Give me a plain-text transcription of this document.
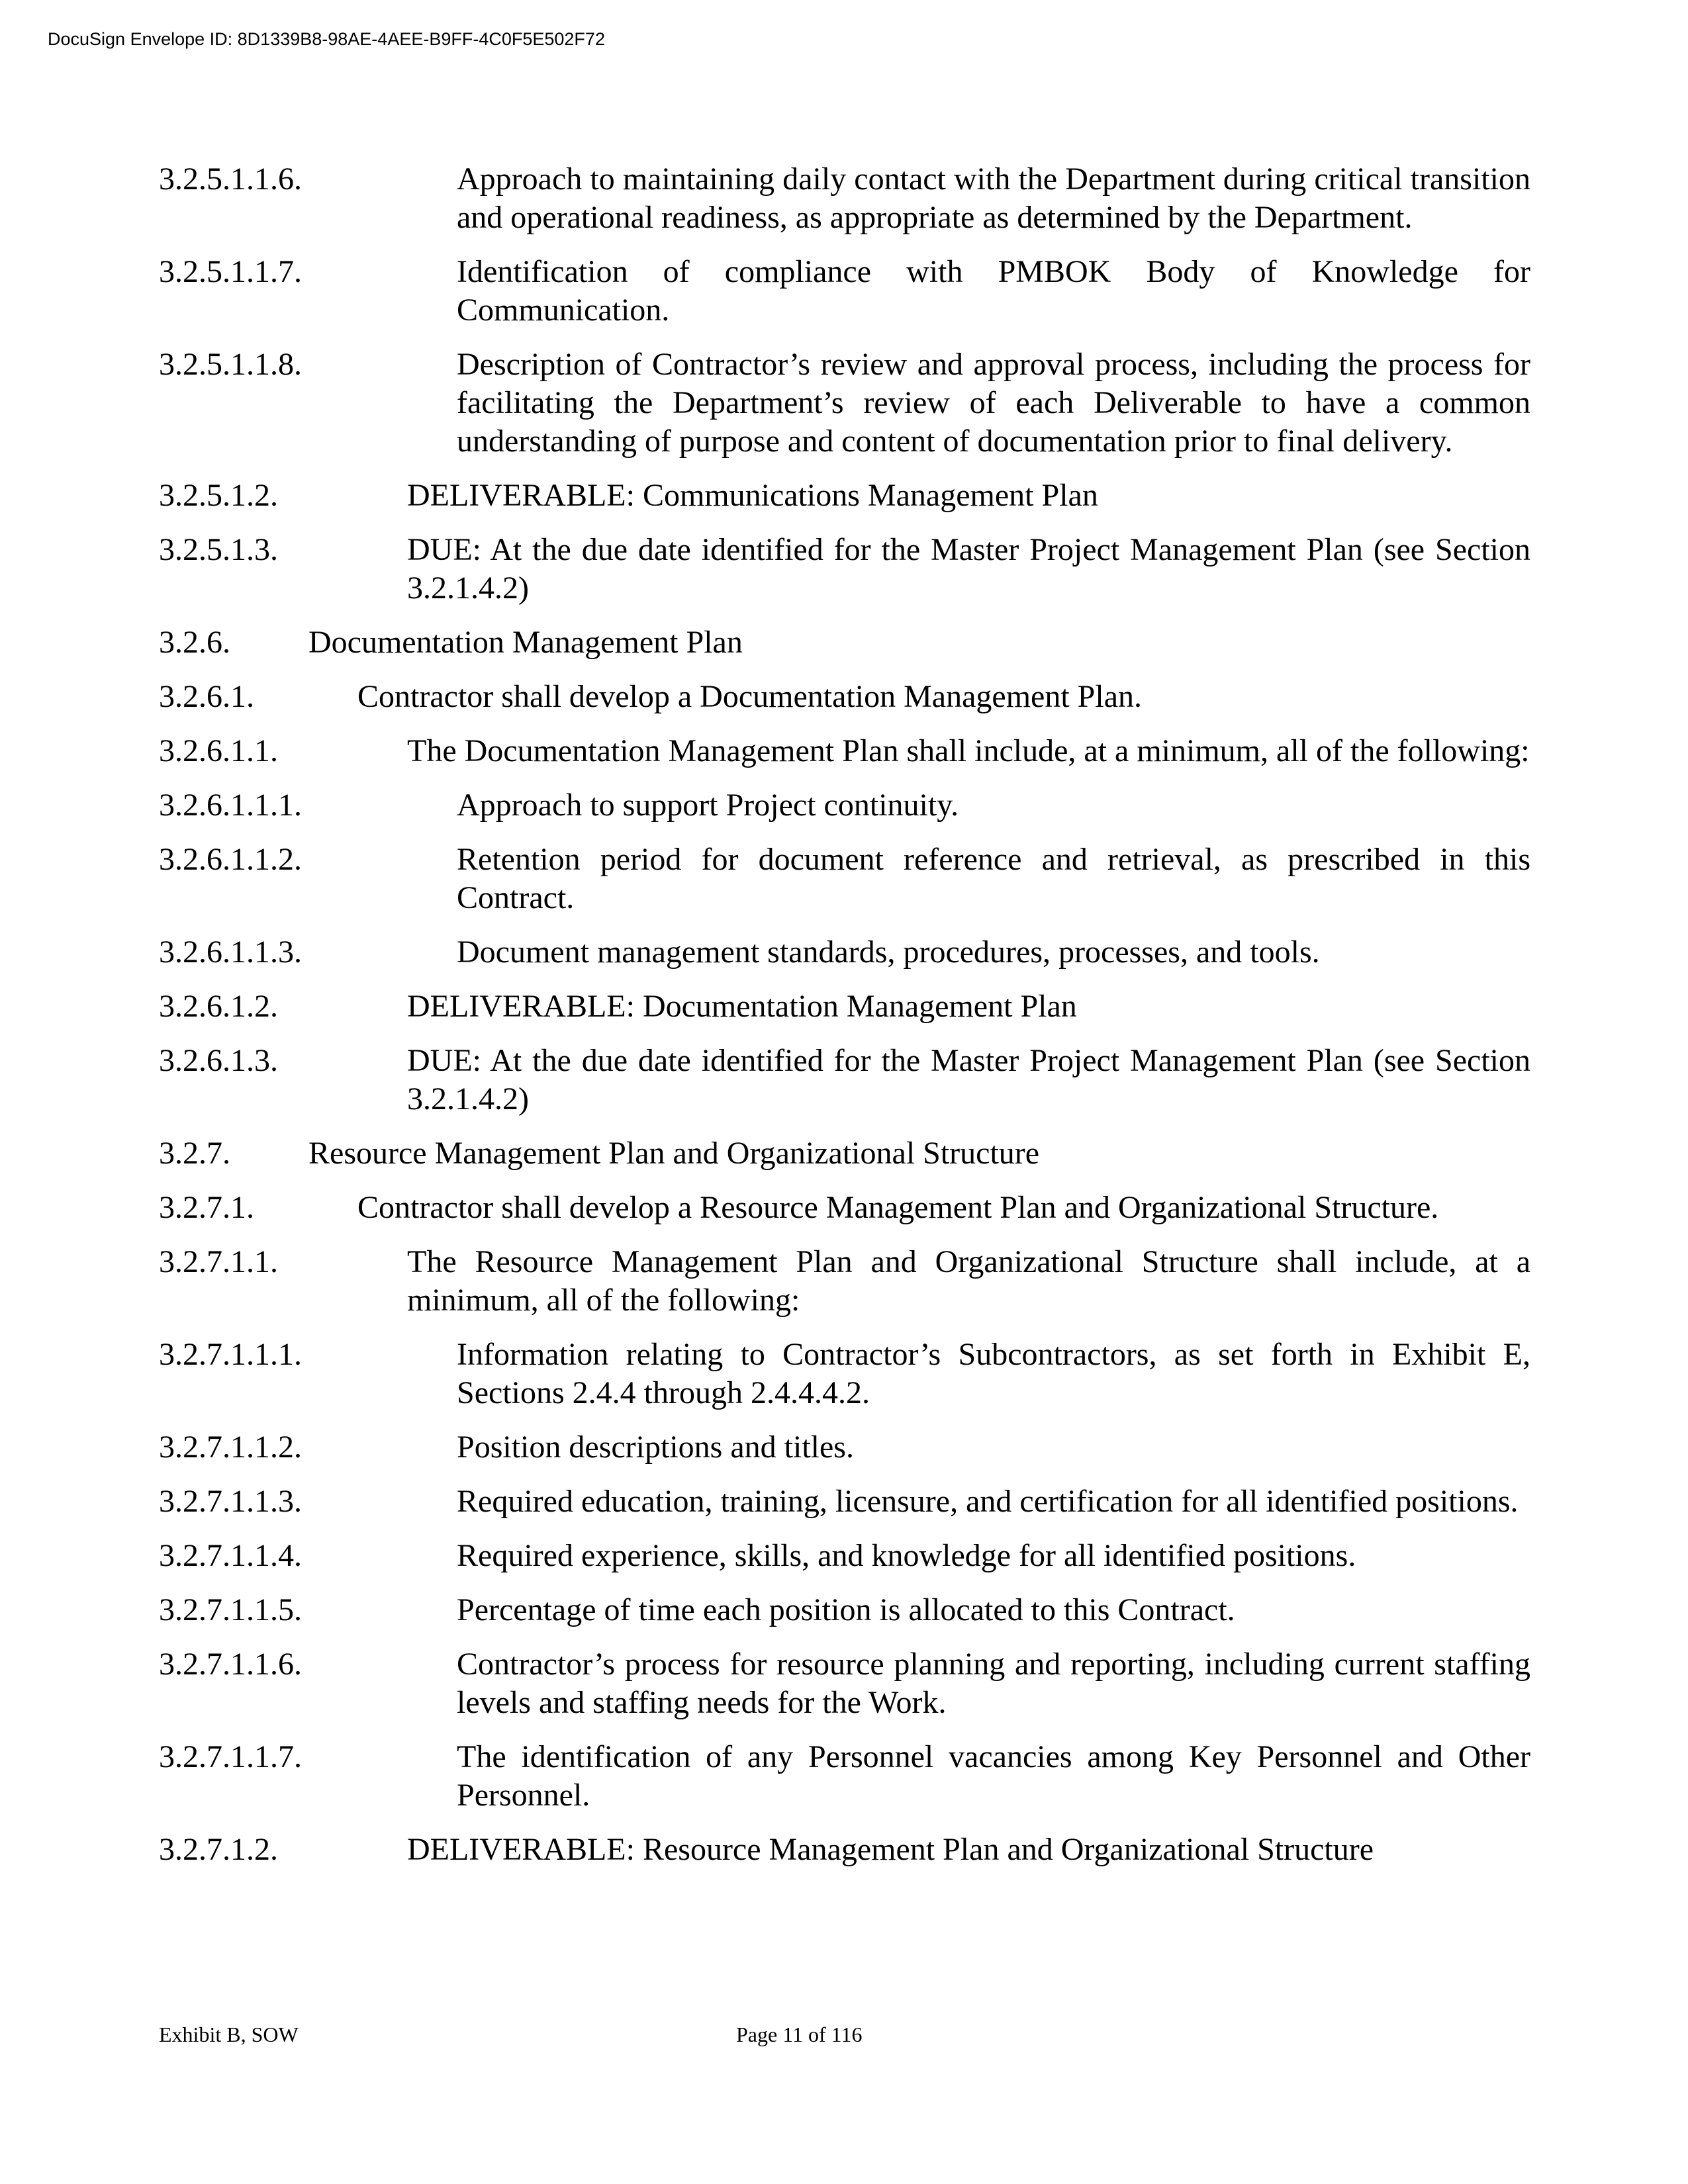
DocuSign Envelope ID: 8D1339B8-98AE-4AEE-B9FF-4C0F5E502F72
3.2.5.1.1.6.	Approach to maintaining daily contact with the Department during critical transition and operational readiness, as appropriate as determined by the Department.
3.2.5.1.1.7.	Identification of compliance with PMBOK Body of Knowledge for Communication.
3.2.5.1.1.8.	Description of Contractor’s review and approval process, including the process for facilitating the Department’s review of each Deliverable to have a common understanding of purpose and content of documentation prior to final delivery.
3.2.5.1.2.	DELIVERABLE: Communications Management Plan
3.2.5.1.3.	DUE: At the due date identified for the Master Project Management Plan (see Section 3.2.1.4.2)
3.2.6. Documentation Management Plan
3.2.6.1.	Contractor shall develop a Documentation Management Plan.
3.2.6.1.1.	The Documentation Management Plan shall include, at a minimum, all of the following:
3.2.6.1.1.1.	Approach to support Project continuity.
3.2.6.1.1.2.	Retention period for document reference and retrieval, as prescribed in this Contract.
3.2.6.1.1.3.	Document management standards, procedures, processes, and tools.
3.2.6.1.2.	DELIVERABLE: Documentation Management Plan
3.2.6.1.3.	DUE: At the due date identified for the Master Project Management Plan (see Section 3.2.1.4.2)
3.2.7. Resource Management Plan and Organizational Structure
3.2.7.1.	Contractor shall develop a Resource Management Plan and Organizational Structure.
3.2.7.1.1.	The Resource Management Plan and Organizational Structure shall include, at a minimum, all of the following:
3.2.7.1.1.1.	Information relating to Contractor’s Subcontractors, as set forth in Exhibit E, Sections 2.4.4 through 2.4.4.4.2.
3.2.7.1.1.2.	Position descriptions and titles.
3.2.7.1.1.3.	Required education, training, licensure, and certification for all identified positions.
3.2.7.1.1.4.	Required experience, skills, and knowledge for all identified positions.
3.2.7.1.1.5.	Percentage of time each position is allocated to this Contract.
3.2.7.1.1.6.	Contractor’s process for resource planning and reporting, including current staffing levels and staffing needs for the Work.
3.2.7.1.1.7.	The identification of any Personnel vacancies among Key Personnel and Other Personnel.
3.2.7.1.2.	DELIVERABLE: Resource Management Plan and Organizational Structure
Exhibit B, SOW	Page 11 of 116
